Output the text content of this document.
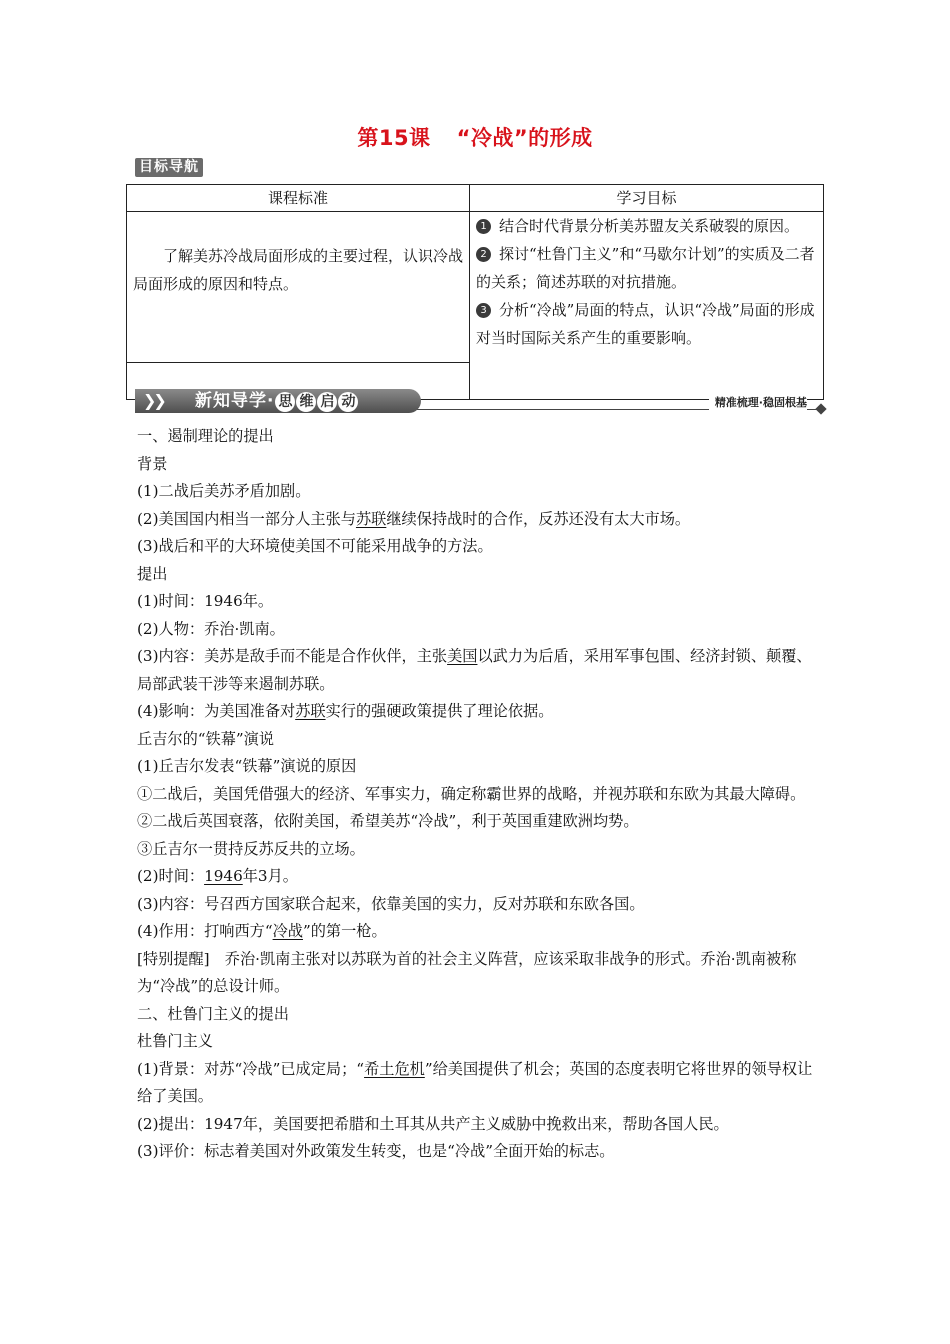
第15课 “冷战”的形成
目标导航
课程标准	学习目标
了解美苏冷战局面形成的主要过程，认识冷战局面形成的原因和特点。	1 结合时代背景分析美苏盟友关系破裂的原因。
2 探讨“杜鲁门主义”和“马歇尔计划”的实质及二者的关系；简述苏联的对抗措施。
3 分析“冷战”局面的特点，认识“冷战”局面的形成对当时国际关系产生的重要影响。

❯❯ 新知导学· 思 维 启 动	精准梳理·稳固根基

一、遏制理论的提出

背景

(1)二战后美苏矛盾加剧。

(2)美国国内相当一部分人主张与苏联继续保持战时的合作，反苏还没有太大市场。

(3)战后和平的大环境使美国不可能采用战争的方法。

提出

(1)时间：1946年。

(2)人物：乔治·凯南。

(3)内容：美苏是敌手而不能是合作伙伴，主张美国以武力为后盾，采用军事包围、经济封锁、颠覆、局部武装干涉等来遏制苏联。

(4)影响：为美国准备对苏联实行的强硬政策提供了理论依据。

丘吉尔的“铁幕”演说

(1)丘吉尔发表“铁幕”演说的原因

①二战后，美国凭借强大的经济、军事实力，确定称霸世界的战略，并视苏联和东欧为其最大障碍。

②二战后英国衰落，依附美国，希望美苏“冷战”，利于英国重建欧洲均势。

③丘吉尔一贯持反苏反共的立场。

(2)时间：1946年3月。

(3)内容：号召西方国家联合起来，依靠美国的实力，反对苏联和东欧各国。

(4)作用：打响西方“冷战”的第一枪。

[特别提醒]　乔治·凯南主张对以苏联为首的社会主义阵营，应该采取非战争的形式。乔治·凯南被称为“冷战”的总设计师。

二、杜鲁门主义的提出

杜鲁门主义

(1)背景：对苏“冷战”已成定局；“希土危机”给美国提供了机会；英国的态度表明它将世界的领导权让给了美国。

(2)提出：1947年，美国要把希腊和土耳其从共产主义威胁中挽救出来，帮助各国人民。

(3)评价：标志着美国对外政策发生转变，也是“冷战”全面开始的标志。
